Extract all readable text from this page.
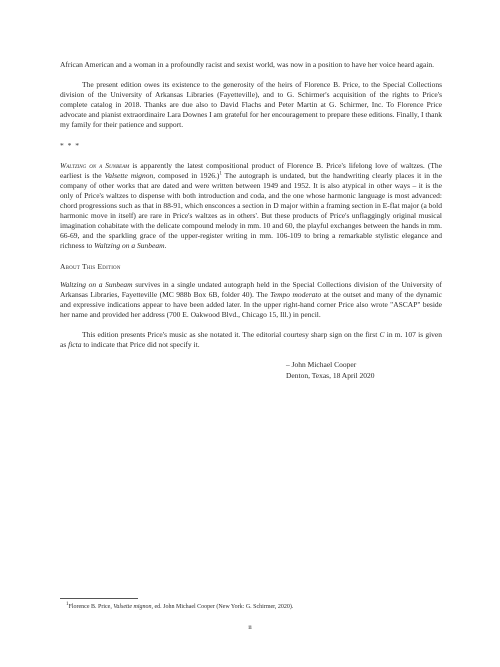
African American and a woman in a profoundly racist and sexist world, was now in a position to have her voice heard again.

The present edition owes its existence to the generosity of the heirs of Florence B. Price, to the Special Collections division of the University of Arkansas Libraries (Fayetteville), and to G. Schirmer's acquisition of the rights to Price's complete catalog in 2018. Thanks are due also to David Flachs and Peter Martin at G. Schirmer, Inc. To Florence Price advocate and pianist extraordinaire Lara Downes I am grateful for her encouragement to prepare these editions. Finally, I thank my family for their patience and support.

* * *

Waltzing on a Sunbeam is apparently the latest compositional product of Florence B. Price's lifelong love of waltzes. (The earliest is the Valsette mignon, composed in 1926.)$^1$ The autograph is undated, but the handwriting clearly places it in the company of other works that are dated and were written between 1949 and 1952. It is also atypical in other ways – it is the only of Price's waltzes to dispense with both introduction and coda, and the one whose harmonic language is most advanced: chord progressions such as that in 88-91, which ensconces a section in D major within a framing section in E-flat major (a bold harmonic move in itself) are rare in Price's waltzes as in others'. But these products of Price's unflaggingly original musical imagination cohabitate with the delicate compound melody in mm. 10 and 60, the playful exchanges between the hands in mm. 66-69, and the sparkling grace of the upper-register writing in mm. 106-109 to bring a remarkable stylistic elegance and richness to Waltzing on a Sunbeam.

About This Edition

Waltzing on a Sunbeam survives in a single undated autograph held in the Special Collections division of the University of Arkansas Libraries, Fayetteville (MC 988b Box 6B, folder 40). The Tempo moderato at the outset and many of the dynamic and expressive indications appear to have been added later. In the upper right-hand corner Price also wrote "ASCAP" beside her name and provided her address (700 E. Oakwood Blvd., Chicago 15, Ill.) in pencil.

This edition presents Price's music as she notated it. The editorial courtesy sharp sign on the first C in m. 107 is given as ficta to indicate that Price did not specify it.

– John Michael Cooper
Denton, Texas, 18 April 2020
$^1$Florence B. Price, Valsette mignon, ed. John Michael Cooper (New York: G. Schirmer, 2020).
ii
